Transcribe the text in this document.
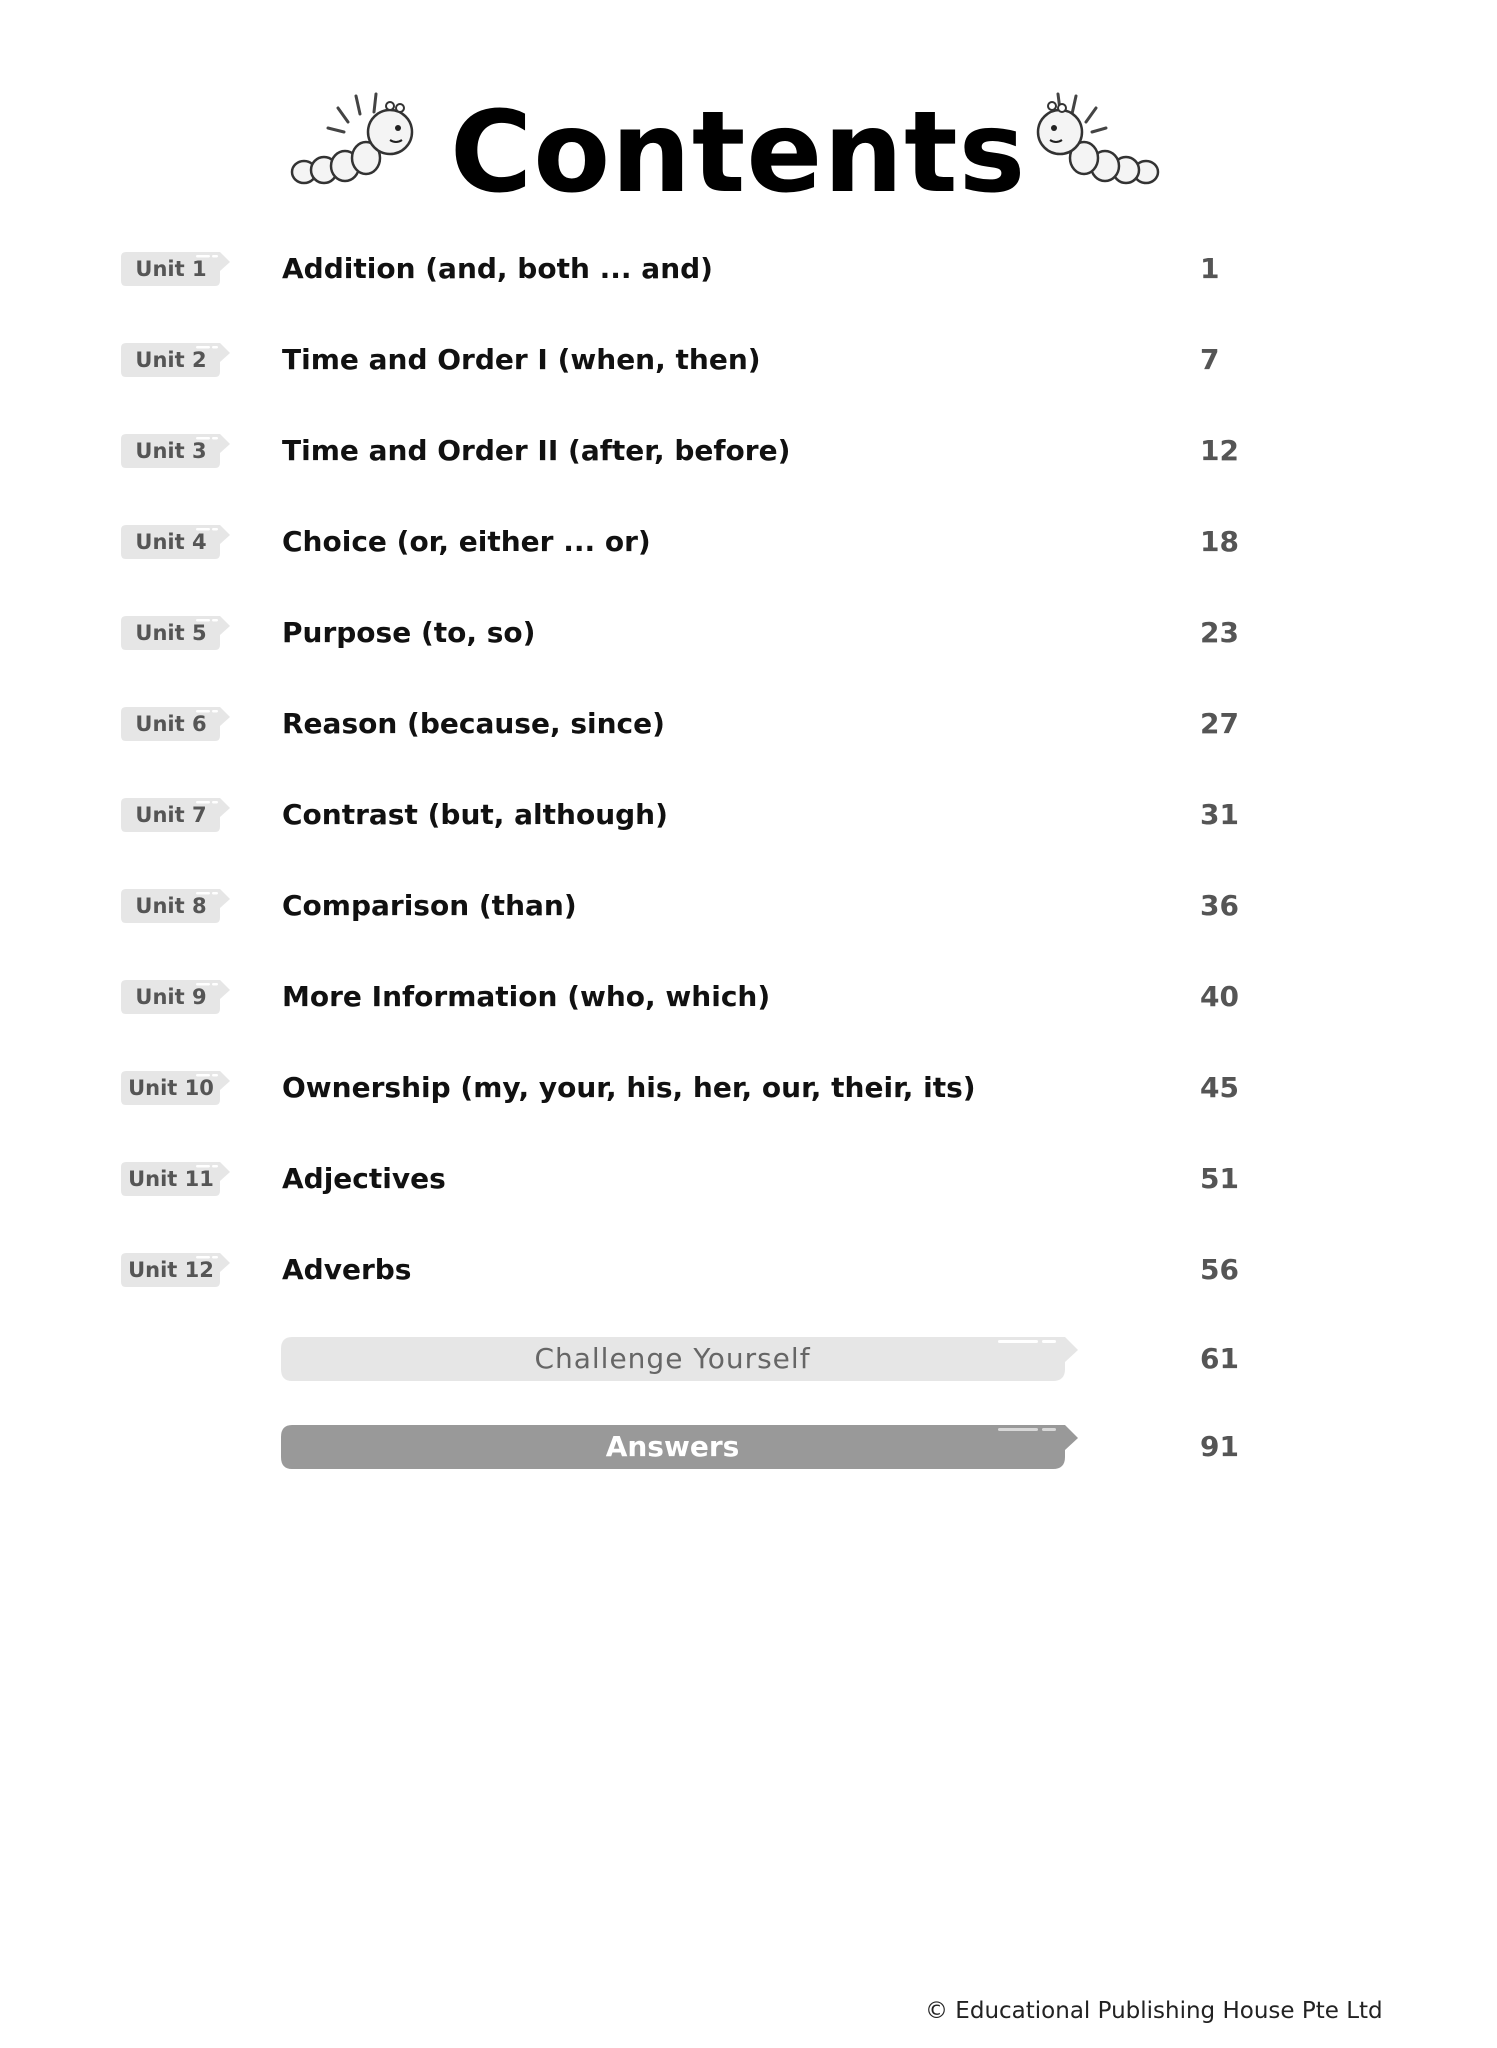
Contents
Unit 1	Addition (and, both ... and)	1
Unit 2	Time and Order I (when, then)	7
Unit 3	Time and Order II (after, before)	12
Unit 4	Choice (or, either ... or)	18
Unit 5	Purpose (to, so)	23
Unit 6	Reason (because, since)	27
Unit 7	Contrast (but, although)	31
Unit 8	Comparison (than)	36
Unit 9	More Information (who, which)	40
Unit 10 Ownership (my, your, his, her, our, their, its)	45
Unit 11 Adjectives	51
Unit 12 Adverbs	56
Challenge Yourself	61
Answers	91
© Educational Publishing House Pte Ltd
